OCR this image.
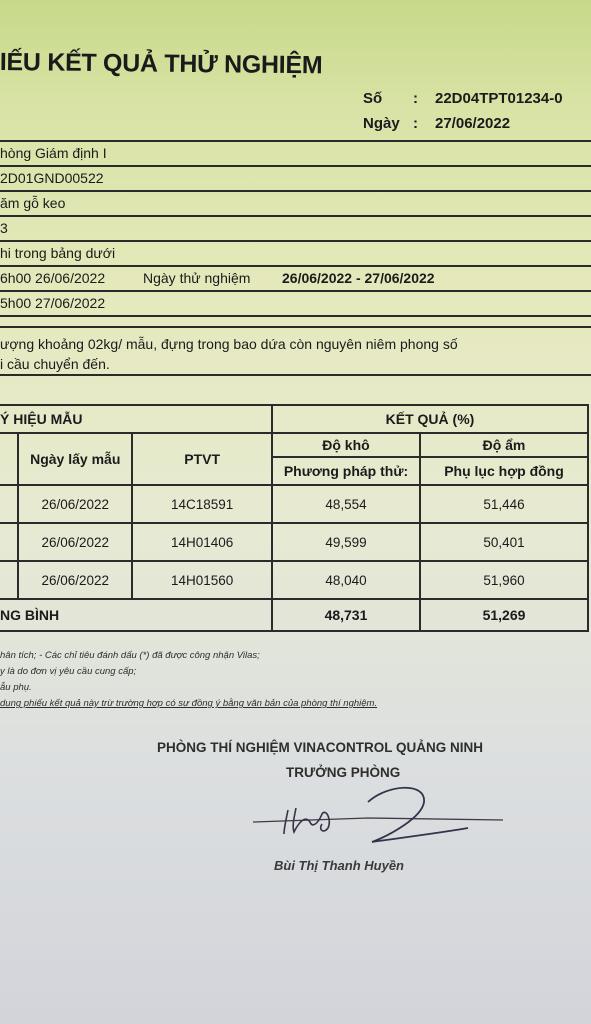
IẾU KẾT QUẢ THỬ NGHIỆM
Số : 22D04TPT01234-0
Ngày : 27/06/2022
hòng Giám định I
2D01GND00522
ăm gỗ keo
3
hi trong bảng dưới
6h00 26/06/2022	Ngày thử nghiệm 26/06/2022 - 27/06/2022
5h00 27/06/2022
ượng khoảng 02kg/ mẫu, đựng trong bao dứa còn nguyên niêm phong số
i cầu chuyển đến.
Ý HIỆU MẪU			KẾT QUẢ (%)	
	Ngày lấy mẫu	PTVT	Độ khô	Độ ẩm
			Phương pháp thử:	Phụ lục hợp đồng
	26/06/2022	14C18591	48,554	51,446
	26/06/2022	14H01406	49,599	50,401
	26/06/2022	14H01560	48,040	51,960
NG BÌNH			48,731	51,269
hân tích; - Các chỉ tiêu đánh dấu (*) đã được công nhận Vilas;
y là do đơn vị yêu cầu cung cấp;
ẫu phụ.
dụng phiếu kết quả này trừ trường hợp có sự đồng ý bằng văn bản của phòng thí nghiệm.
PHÒNG THÍ NGHIỆM VINACONTROL QUẢNG NINH
TRƯỞNG PHÒNG
Bùi Thị Thanh Huyền
